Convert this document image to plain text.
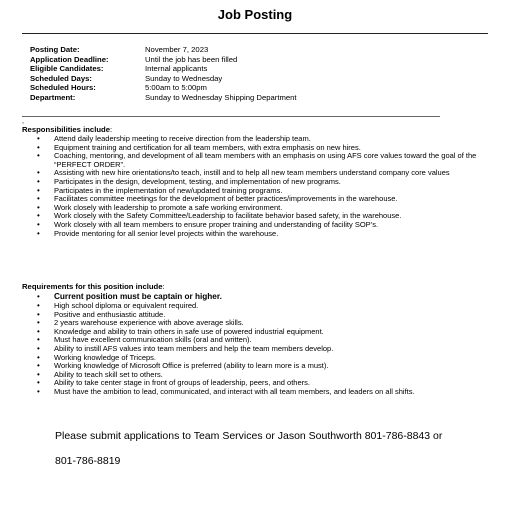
Job Posting
Posting Date:	November 7, 2023
Application Deadline:	Until the job has been filled
Eligible Candidates:	Internal applicants
Scheduled Days:	Sunday to Wednesday
Scheduled Hours:	5:00am to 5:00pm
Department:	Sunday to Wednesday Shipping Department
,
Responsibilities include:
• Attend daily leadership meeting to receive direction from the leadership team.
• Equipment training and certification for all team members, with extra emphasis on new hires.
• Coaching, mentoring, and development of all team members with an emphasis on using AFS core values toward the goal of the “PERFECT ORDER”.
• Assisting with new hire orientations/to teach, instill and to help all new team members understand company core values
• Participates in the design, development, testing, and implementation of new programs.
• Participates in the implementation of new/updated training programs.
• Facilitates committee meetings for the development of better practices/improvements in the warehouse.
• Work closely with leadership to promote a safe working environment.
• Work closely with the Safety Committee/Leadership to facilitate behavior based safety, in the warehouse.
• Work closely with all team members to ensure proper training and understanding of facility SOP’s.
• Provide mentoring for all senior level projects within the warehouse.
Requirements for this position include:
• Current position must be captain or higher.
• High school diploma or equivalent required.
• Positive and enthusiastic attitude.
• 2 years warehouse experience with above average skills.
• Knowledge and ability to train others in safe use of powered industrial equipment.
• Must have excellent communication skills (oral and written).
• Ability to instill AFS values into team members and help the team members develop.
• Working knowledge of Triceps.
• Working knowledge of Microsoft Office is preferred (ability to learn more is a must).
• Ability to teach skill set to others.
• Ability to take center stage in front of groups of leadership, peers, and others.
• Must have the ambition to lead, communicated, and interact with all team members, and leaders on all shifts.
Please submit applications to Team Services or Jason Southworth 801-786-8843 or
801-786-8819
